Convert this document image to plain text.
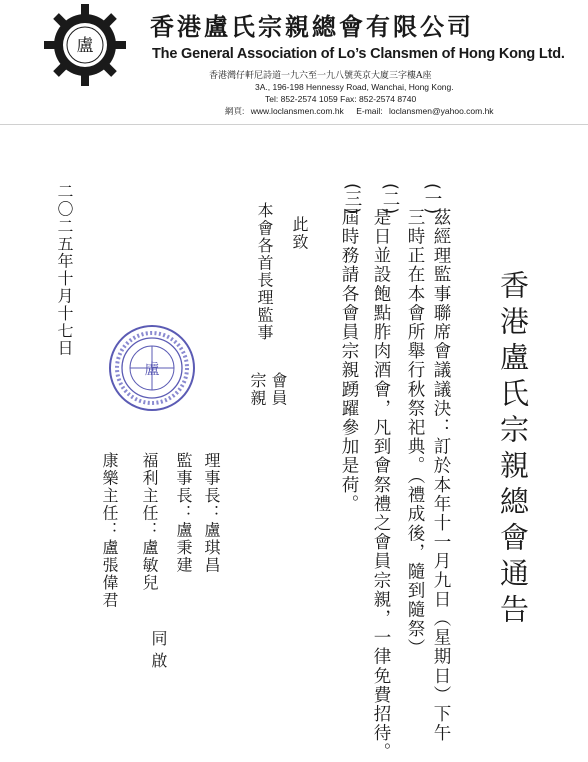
盧
香港盧氏宗親總會有限公司
The General Association of Lo’s Clansmen of Hong Kong Ltd.
香港灣仔軒尼詩道一九六至一九八號英京大廈三字樓A座
3A., 196-198 Hennessy Road, Wanchai, Hong Kong.
Tel: 852-2574 1059 Fax: 852-2574 8740
網頁: www.loclansmen.com.hk E-mail: loclansmen@yahoo.com.hk
香港盧氏宗親總會通告
(一)
茲經理監事聯席會議議決：訂於本年十一月九日（星期日）下午
三時正在本會所舉行秋祭祀典。（禮成後，隨到隨祭）
(二)
是日並設飽點胙肉酒會，凡到會祭禮之會員宗親，一律免費招待。
(三)
屆時務請各會員宗親踴躍參加是荷。
此致
本會各首長理監事
會員
宗親
盧
理事長：盧琪昌
監事長：盧秉建
福利主任：盧敏兒
康樂主任：盧張偉君
同
啟
二〇二五年十月十七日
